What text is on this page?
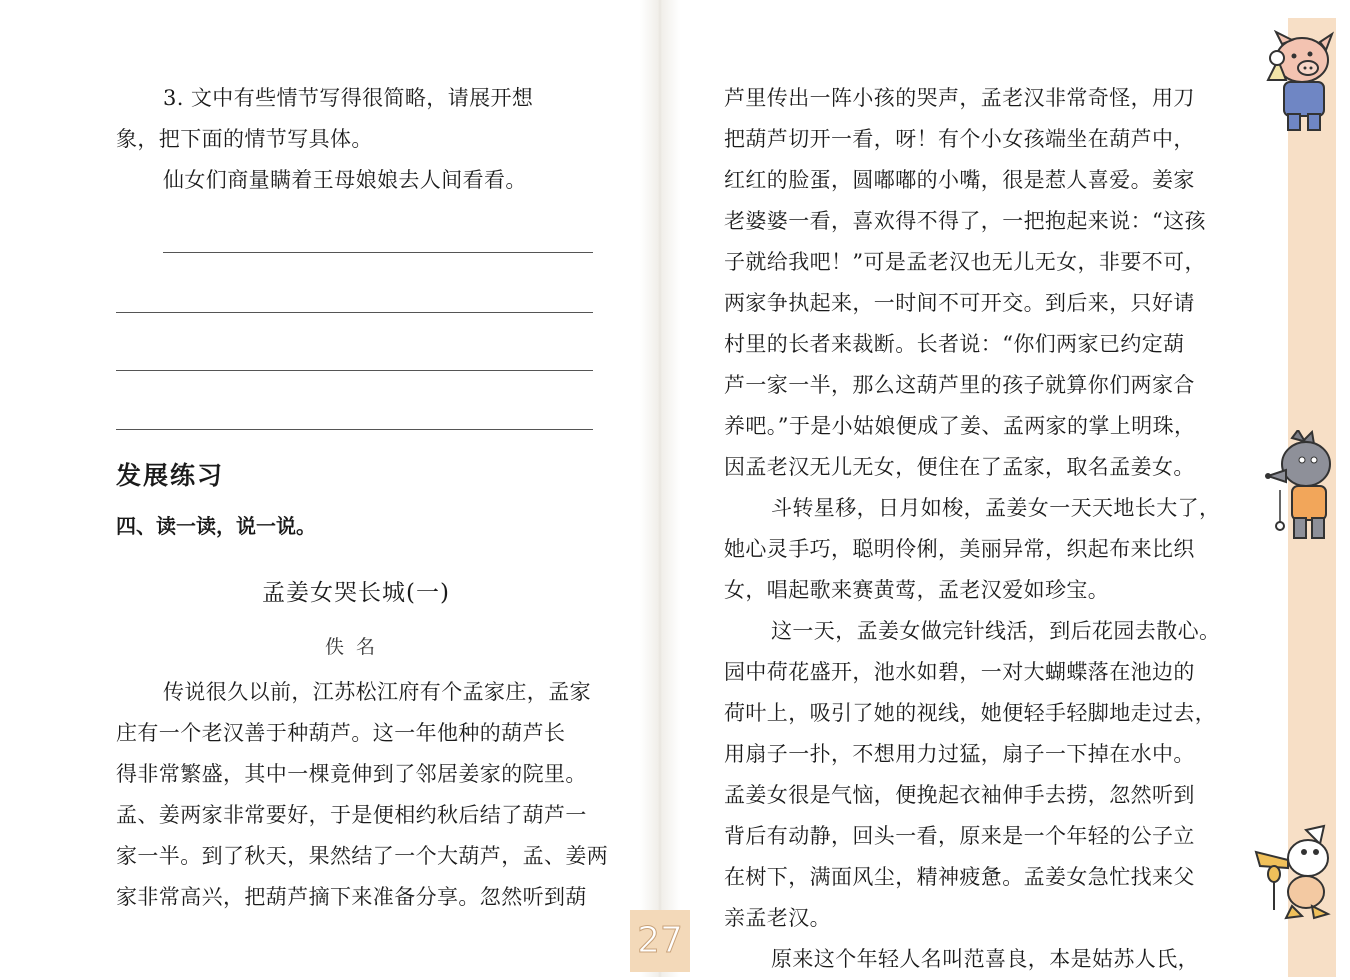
3. 文中有些情节写得很简略，请展开想
象，把下面的情节写具体。
仙女们商量瞒着王母娘娘去人间看看。
发展练习
四、读一读，说一说。
孟姜女哭长城(一)
佚名
传说很久以前，江苏松江府有个孟家庄，孟家
庄有一个老汉善于种葫芦。这一年他种的葫芦长
得非常繁盛，其中一棵竟伸到了邻居姜家的院里。
孟、姜两家非常要好，于是便相约秋后结了葫芦一
家一半。到了秋天，果然结了一个大葫芦，孟、姜两
家非常高兴，把葫芦摘下来准备分享。忽然听到葫
芦里传出一阵小孩的哭声，孟老汉非常奇怪，用刀
把葫芦切开一看，呀！有个小女孩端坐在葫芦中，
红红的脸蛋，圆嘟嘟的小嘴，很是惹人喜爱。姜家
老婆婆一看，喜欢得不得了，一把抱起来说：“这孩
子就给我吧！”可是孟老汉也无儿无女，非要不可，
两家争执起来，一时间不可开交。到后来，只好请
村里的长者来裁断。长者说：“你们两家已约定葫
芦一家一半，那么这葫芦里的孩子就算你们两家合
养吧。”于是小姑娘便成了姜、孟两家的掌上明珠，
因孟老汉无儿无女，便住在了孟家，取名孟姜女。
斗转星移，日月如梭，孟姜女一天天地长大了，
她心灵手巧，聪明伶俐，美丽异常，织起布来比织
女，唱起歌来赛黄莺，孟老汉爱如珍宝。
这一天，孟姜女做完针线活，到后花园去散心。
园中荷花盛开，池水如碧，一对大蝴蝶落在池边的
荷叶上，吸引了她的视线，她便轻手轻脚地走过去，
用扇子一扑，不想用力过猛，扇子一下掉在水中。
孟姜女很是气恼，便挽起衣袖伸手去捞，忽然听到
背后有动静，回头一看，原来是一个年轻的公子立
在树下，满面风尘，精神疲惫。孟姜女急忙找来父
亲孟老汉。
原来这个年轻人名叫范喜良，本是姑苏人氏，
27
